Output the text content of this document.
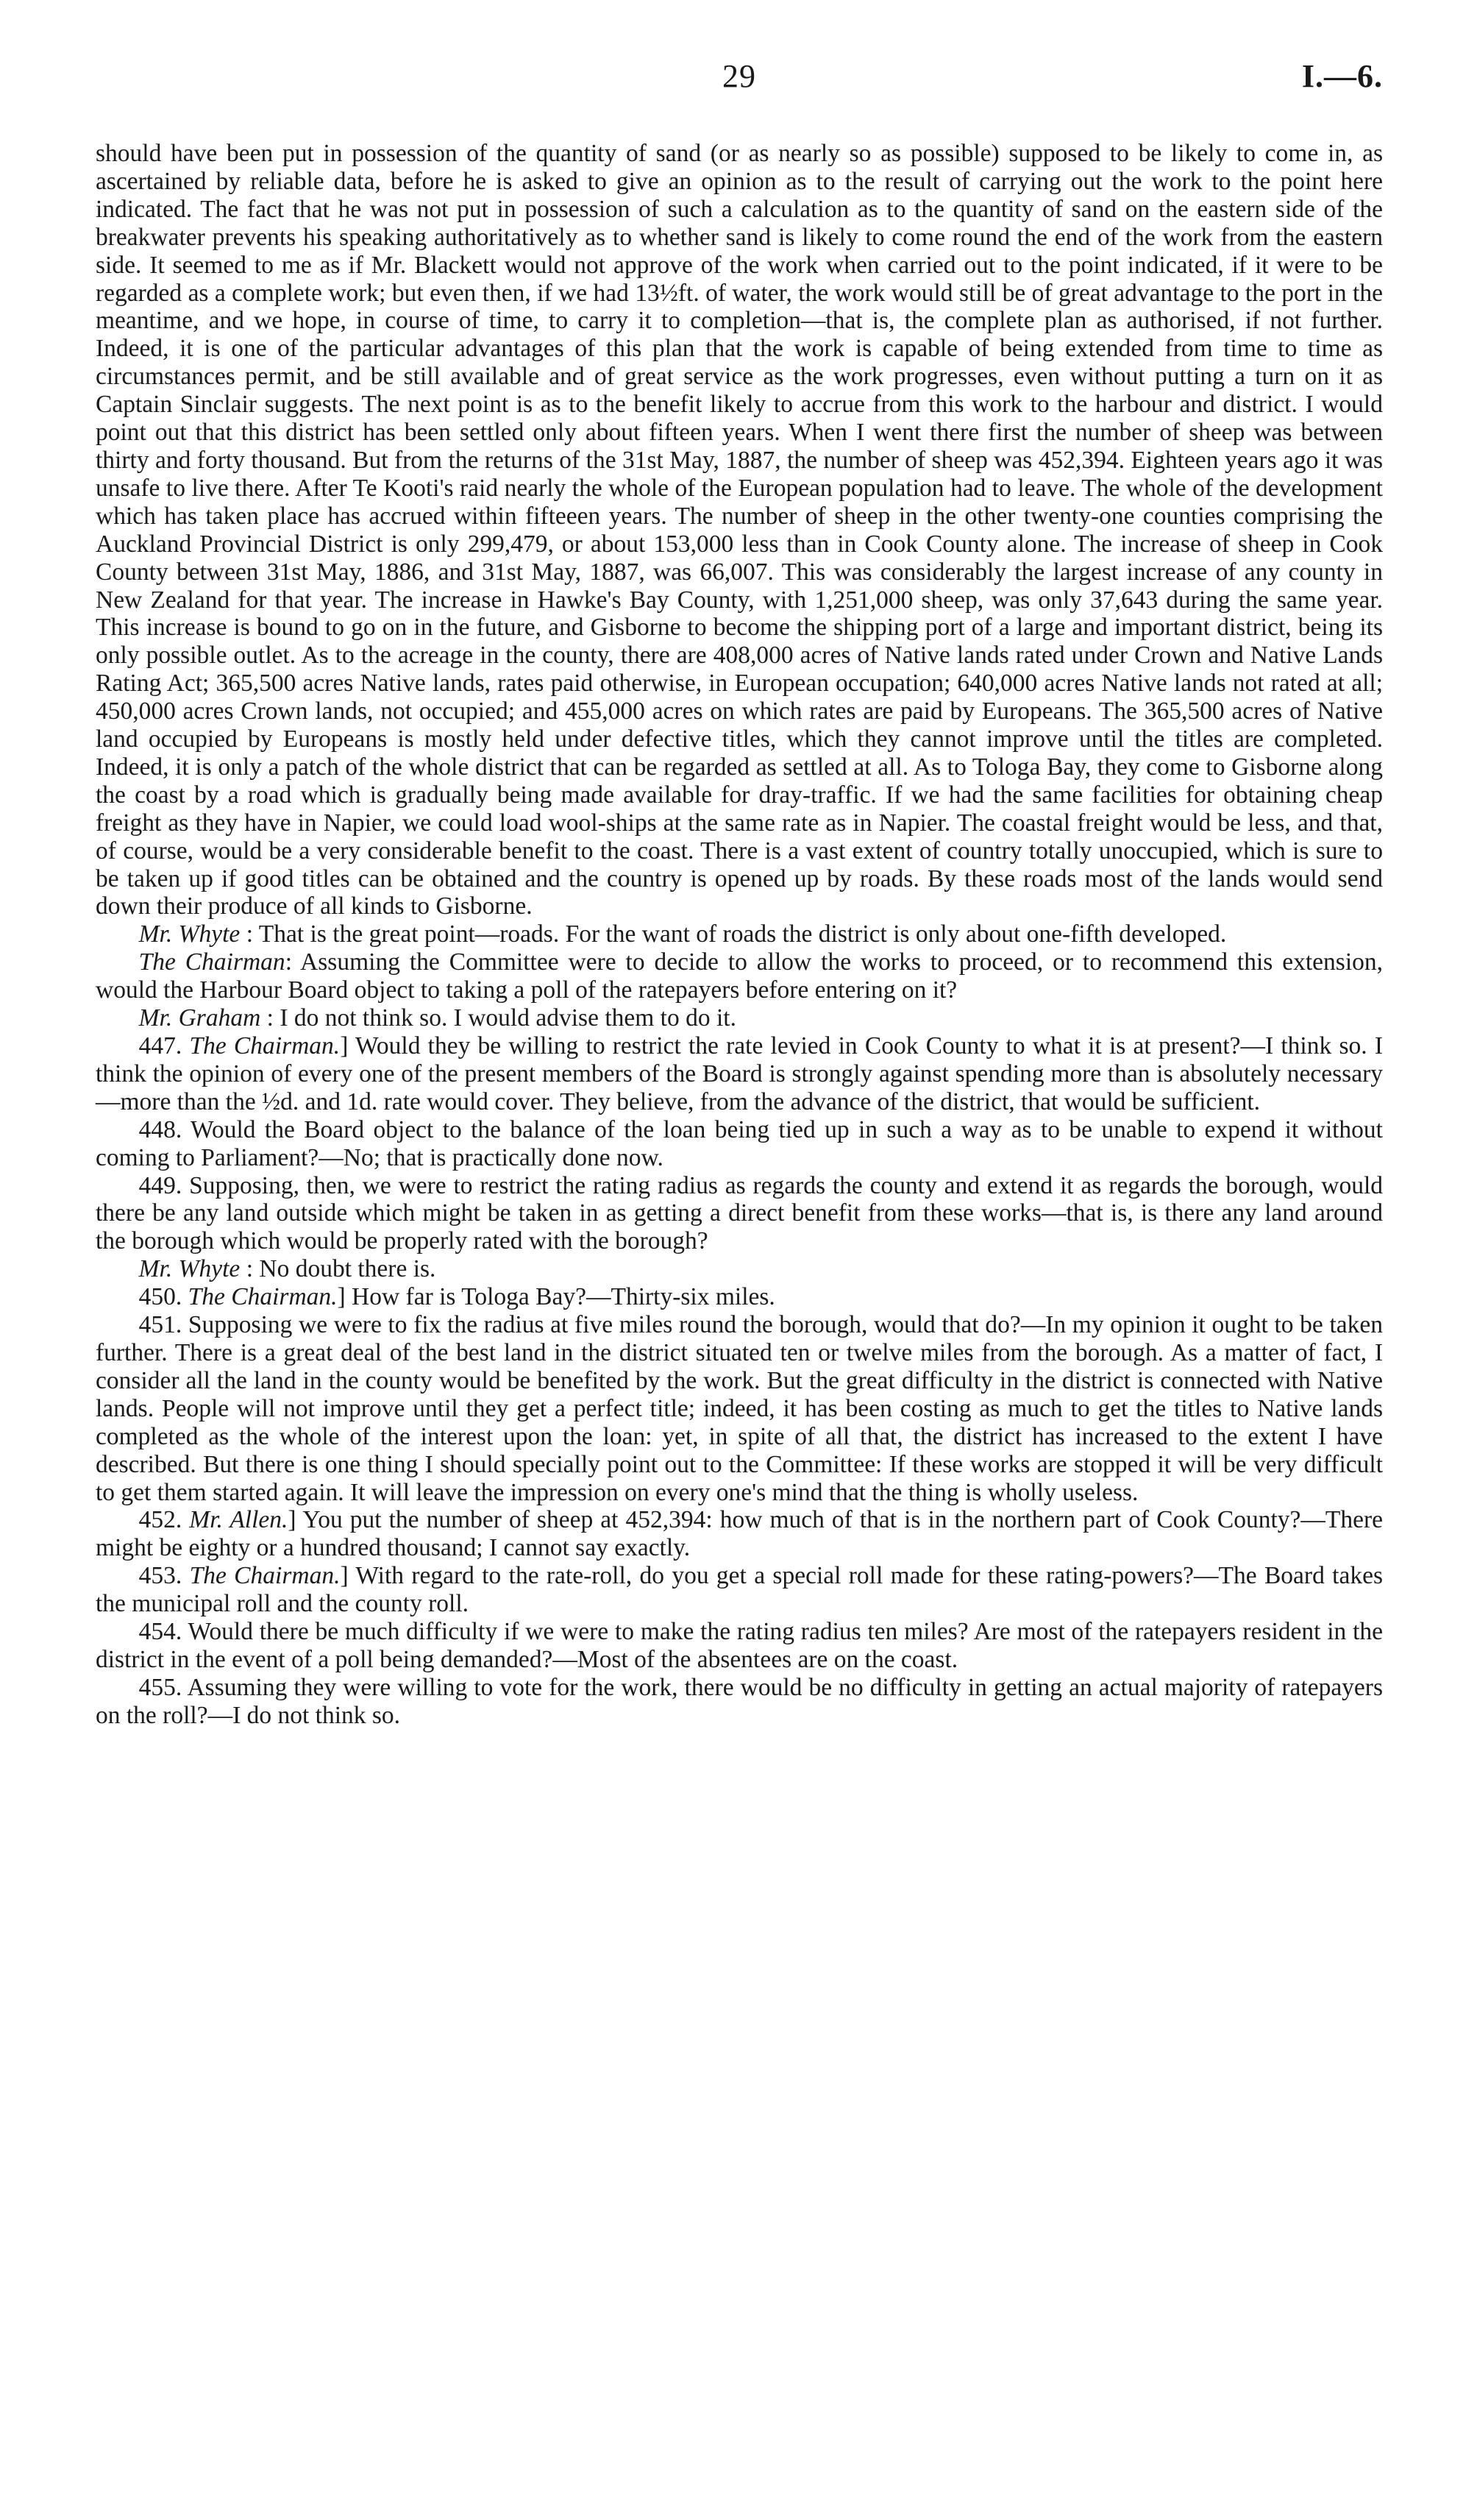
29	I.—6.

should have been put in possession of the quantity of sand (or as nearly so as possible) supposed to be likely to come in, as ascertained by reliable data, before he is asked to give an opinion as to the result of carrying out the work to the point here indicated. The fact that he was not put in possession of such a calculation as to the quantity of sand on the eastern side of the breakwater prevents his speaking authoritatively as to whether sand is likely to come round the end of the work from the eastern side. It seemed to me as if Mr. Blackett would not approve of the work when carried out to the point indicated, if it were to be regarded as a complete work; but even then, if we had 13½ft. of water, the work would still be of great advantage to the port in the meantime, and we hope, in course of time, to carry it to completion—that is, the complete plan as authorised, if not further. Indeed, it is one of the particular advantages of this plan that the work is capable of being extended from time to time as circumstances permit, and be still available and of great service as the work progresses, even without putting a turn on it as Captain Sinclair suggests. The next point is as to the benefit likely to accrue from this work to the harbour and district. I would point out that this district has been settled only about fifteen years. When I went there first the number of sheep was between thirty and forty thousand. But from the returns of the 31st May, 1887, the number of sheep was 452,394. Eighteen years ago it was unsafe to live there. After Te Kooti's raid nearly the whole of the European population had to leave. The whole of the development which has taken place has accrued within fifteeen years. The number of sheep in the other twenty-one counties comprising the Auckland Provincial District is only 299,479, or about 153,000 less than in Cook County alone. The increase of sheep in Cook County between 31st May, 1886, and 31st May, 1887, was 66,007. This was considerably the largest increase of any county in New Zealand for that year. The increase in Hawke's Bay County, with 1,251,000 sheep, was only 37,643 during the same year. This increase is bound to go on in the future, and Gisborne to become the shipping port of a large and important district, being its only possible outlet. As to the acreage in the county, there are 408,000 acres of Native lands rated under Crown and Native Lands Rating Act; 365,500 acres Native lands, rates paid otherwise, in European occupation; 640,000 acres Native lands not rated at all; 450,000 acres Crown lands, not occupied; and 455,000 acres on which rates are paid by Europeans. The 365,500 acres of Native land occupied by Europeans is mostly held under defective titles, which they cannot improve until the titles are completed. Indeed, it is only a patch of the whole district that can be regarded as settled at all. As to Tologa Bay, they come to Gisborne along the coast by a road which is gradually being made available for dray-traffic. If we had the same facilities for obtaining cheap freight as they have in Napier, we could load wool-ships at the same rate as in Napier. The coastal freight would be less, and that, of course, would be a very considerable benefit to the coast. There is a vast extent of country totally unoccupied, which is sure to be taken up if good titles can be obtained and the country is opened up by roads. By these roads most of the lands would send down their produce of all kinds to Gisborne.

Mr. Whyte : That is the great point—roads. For the want of roads the district is only about one-fifth developed.

The Chairman: Assuming the Committee were to decide to allow the works to proceed, or to recommend this extension, would the Harbour Board object to taking a poll of the ratepayers before entering on it?

Mr. Graham : I do not think so. I would advise them to do it.

447. The Chairman.] Would they be willing to restrict the rate levied in Cook County to what it is at present?—I think so. I think the opinion of every one of the present members of the Board is strongly against spending more than is absolutely necessary—more than the ½d. and 1d. rate would cover. They believe, from the advance of the district, that would be sufficient.

448. Would the Board object to the balance of the loan being tied up in such a way as to be unable to expend it without coming to Parliament?—No; that is practically done now.

449. Supposing, then, we were to restrict the rating radius as regards the county and extend it as regards the borough, would there be any land outside which might be taken in as getting a direct benefit from these works—that is, is there any land around the borough which would be properly rated with the borough?

Mr. Whyte : No doubt there is.

450. The Chairman.] How far is Tologa Bay?—Thirty-six miles.

451. Supposing we were to fix the radius at five miles round the borough, would that do?—In my opinion it ought to be taken further. There is a great deal of the best land in the district situated ten or twelve miles from the borough. As a matter of fact, I consider all the land in the county would be benefited by the work. But the great difficulty in the district is connected with Native lands. People will not improve until they get a perfect title; indeed, it has been costing as much to get the titles to Native lands completed as the whole of the interest upon the loan: yet, in spite of all that, the district has increased to the extent I have described. But there is one thing I should specially point out to the Committee: If these works are stopped it will be very difficult to get them started again. It will leave the impression on every one's mind that the thing is wholly useless.

452. Mr. Allen.] You put the number of sheep at 452,394: how much of that is in the northern part of Cook County?—There might be eighty or a hundred thousand; I cannot say exactly.

453. The Chairman.] With regard to the rate-roll, do you get a special roll made for these rating-powers?—The Board takes the municipal roll and the county roll.

454. Would there be much difficulty if we were to make the rating radius ten miles? Are most of the ratepayers resident in the district in the event of a poll being demanded?—Most of the absentees are on the coast.

455. Assuming they were willing to vote for the work, there would be no difficulty in getting an actual majority of ratepayers on the roll?—I do not think so.
